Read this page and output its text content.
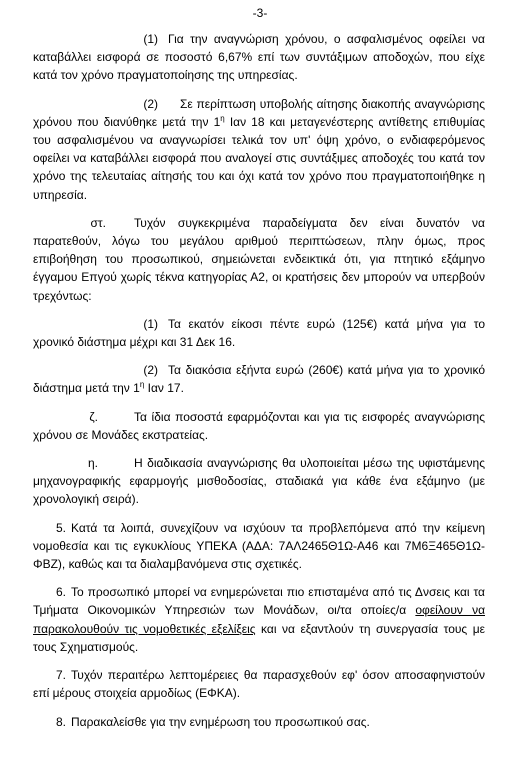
-3-

(1) Για την αναγνώριση χρόνου, ο ασφαλισμένος οφείλει να καταβάλλει εισφορά σε ποσοστό 6,67% επί των συντάξιμων αποδοχών, που είχε κατά τον χρόνο πραγματοποίησης της υπηρεσίας.

(2) Σε περίπτωση υποβολής αίτησης διακοπής αναγνώρισης χρόνου που διανύθηκε μετά την $1^\eta$ Ιαν 18 και μεταγενέστερης αντίθετης επιθυμίας του ασφαλισμένου να αναγνωρίσει τελικά τον υπ' όψη χρόνο, ο ενδιαφερόμενος οφείλει να καταβάλλει εισφορά που αναλογεί στις συντάξιμες αποδοχές του κατά τον χρόνο της τελευταίας αίτησής του και όχι κατά τον χρόνο που πραγματοποιήθηκε η υπηρεσία.

στ. Τυχόν συγκεκριμένα παραδείγματα δεν είναι δυνατόν να παρατεθούν, λόγω του μεγάλου αριθμού περιπτώσεων, πλην όμως, προς επιβοήθηση του προσωπικού, σημειώνεται ενδεικτικά ότι, για πτητικό εξάμηνο έγγαμου Επγού χωρίς τέκνα κατηγορίας Α2, οι κρατήσεις δεν μπορούν να υπερβούν τρεχόντως:

(1) Τα εκατόν είκοσι πέντε ευρώ (125€) κατά μήνα για το χρονικό διάστημα μέχρι και 31 Δεκ 16.

(2) Τα διακόσια εξήντα ευρώ (260€) κατά μήνα για το χρονικό διάστημα μετά την $1^\eta$ Ιαν 17.

ζ.	Τα ίδια ποσοστά εφαρμόζονται και για τις εισφορές αναγνώρισης χρόνου σε Μονάδες εκστρατείας.

η.	Η διαδικασία αναγνώρισης θα υλοποιείται μέσω της υφιστάμενης μηχανογραφικής εφαρμογής μισθοδοσίας, σταδιακά για κάθε ένα εξάμηνο (με χρονολογική σειρά).

5. Κατά τα λοιπά, συνεχίζουν να ισχύουν τα προβλεπόμενα από την κείμενη νομοθεσία και τις εγκυκλίους ΥΠΕΚΑ (ΑΔΑ: 7ΑΛ2465Θ1Ω-Α46 και 7Μ6Ξ465Θ1Ω-ΦΒΖ), καθώς και τα διαλαμβανόμενα στις σχετικές.

6. Το προσωπικό μπορεί να ενημερώνεται πιο επισταμένα από τις Δνσεις και τα Τμήματα Οικονομικών Υπηρεσιών των Μονάδων, οι/τα οποίες/α οφείλουν να παρακολουθούν τις νομοθετικές εξελίξεις και να εξαντλούν τη συνεργασία τους με τους Σχηματισμούς.

7. Τυχόν περαιτέρω λεπτομέρειες θα παρασχεθούν εφ' όσον αποσαφηνιστούν επί μέρους στοιχεία αρμοδίως (ΕΦΚΑ).

8. Παρακαλείσθε για την ενημέρωση του προσωπικού σας.
